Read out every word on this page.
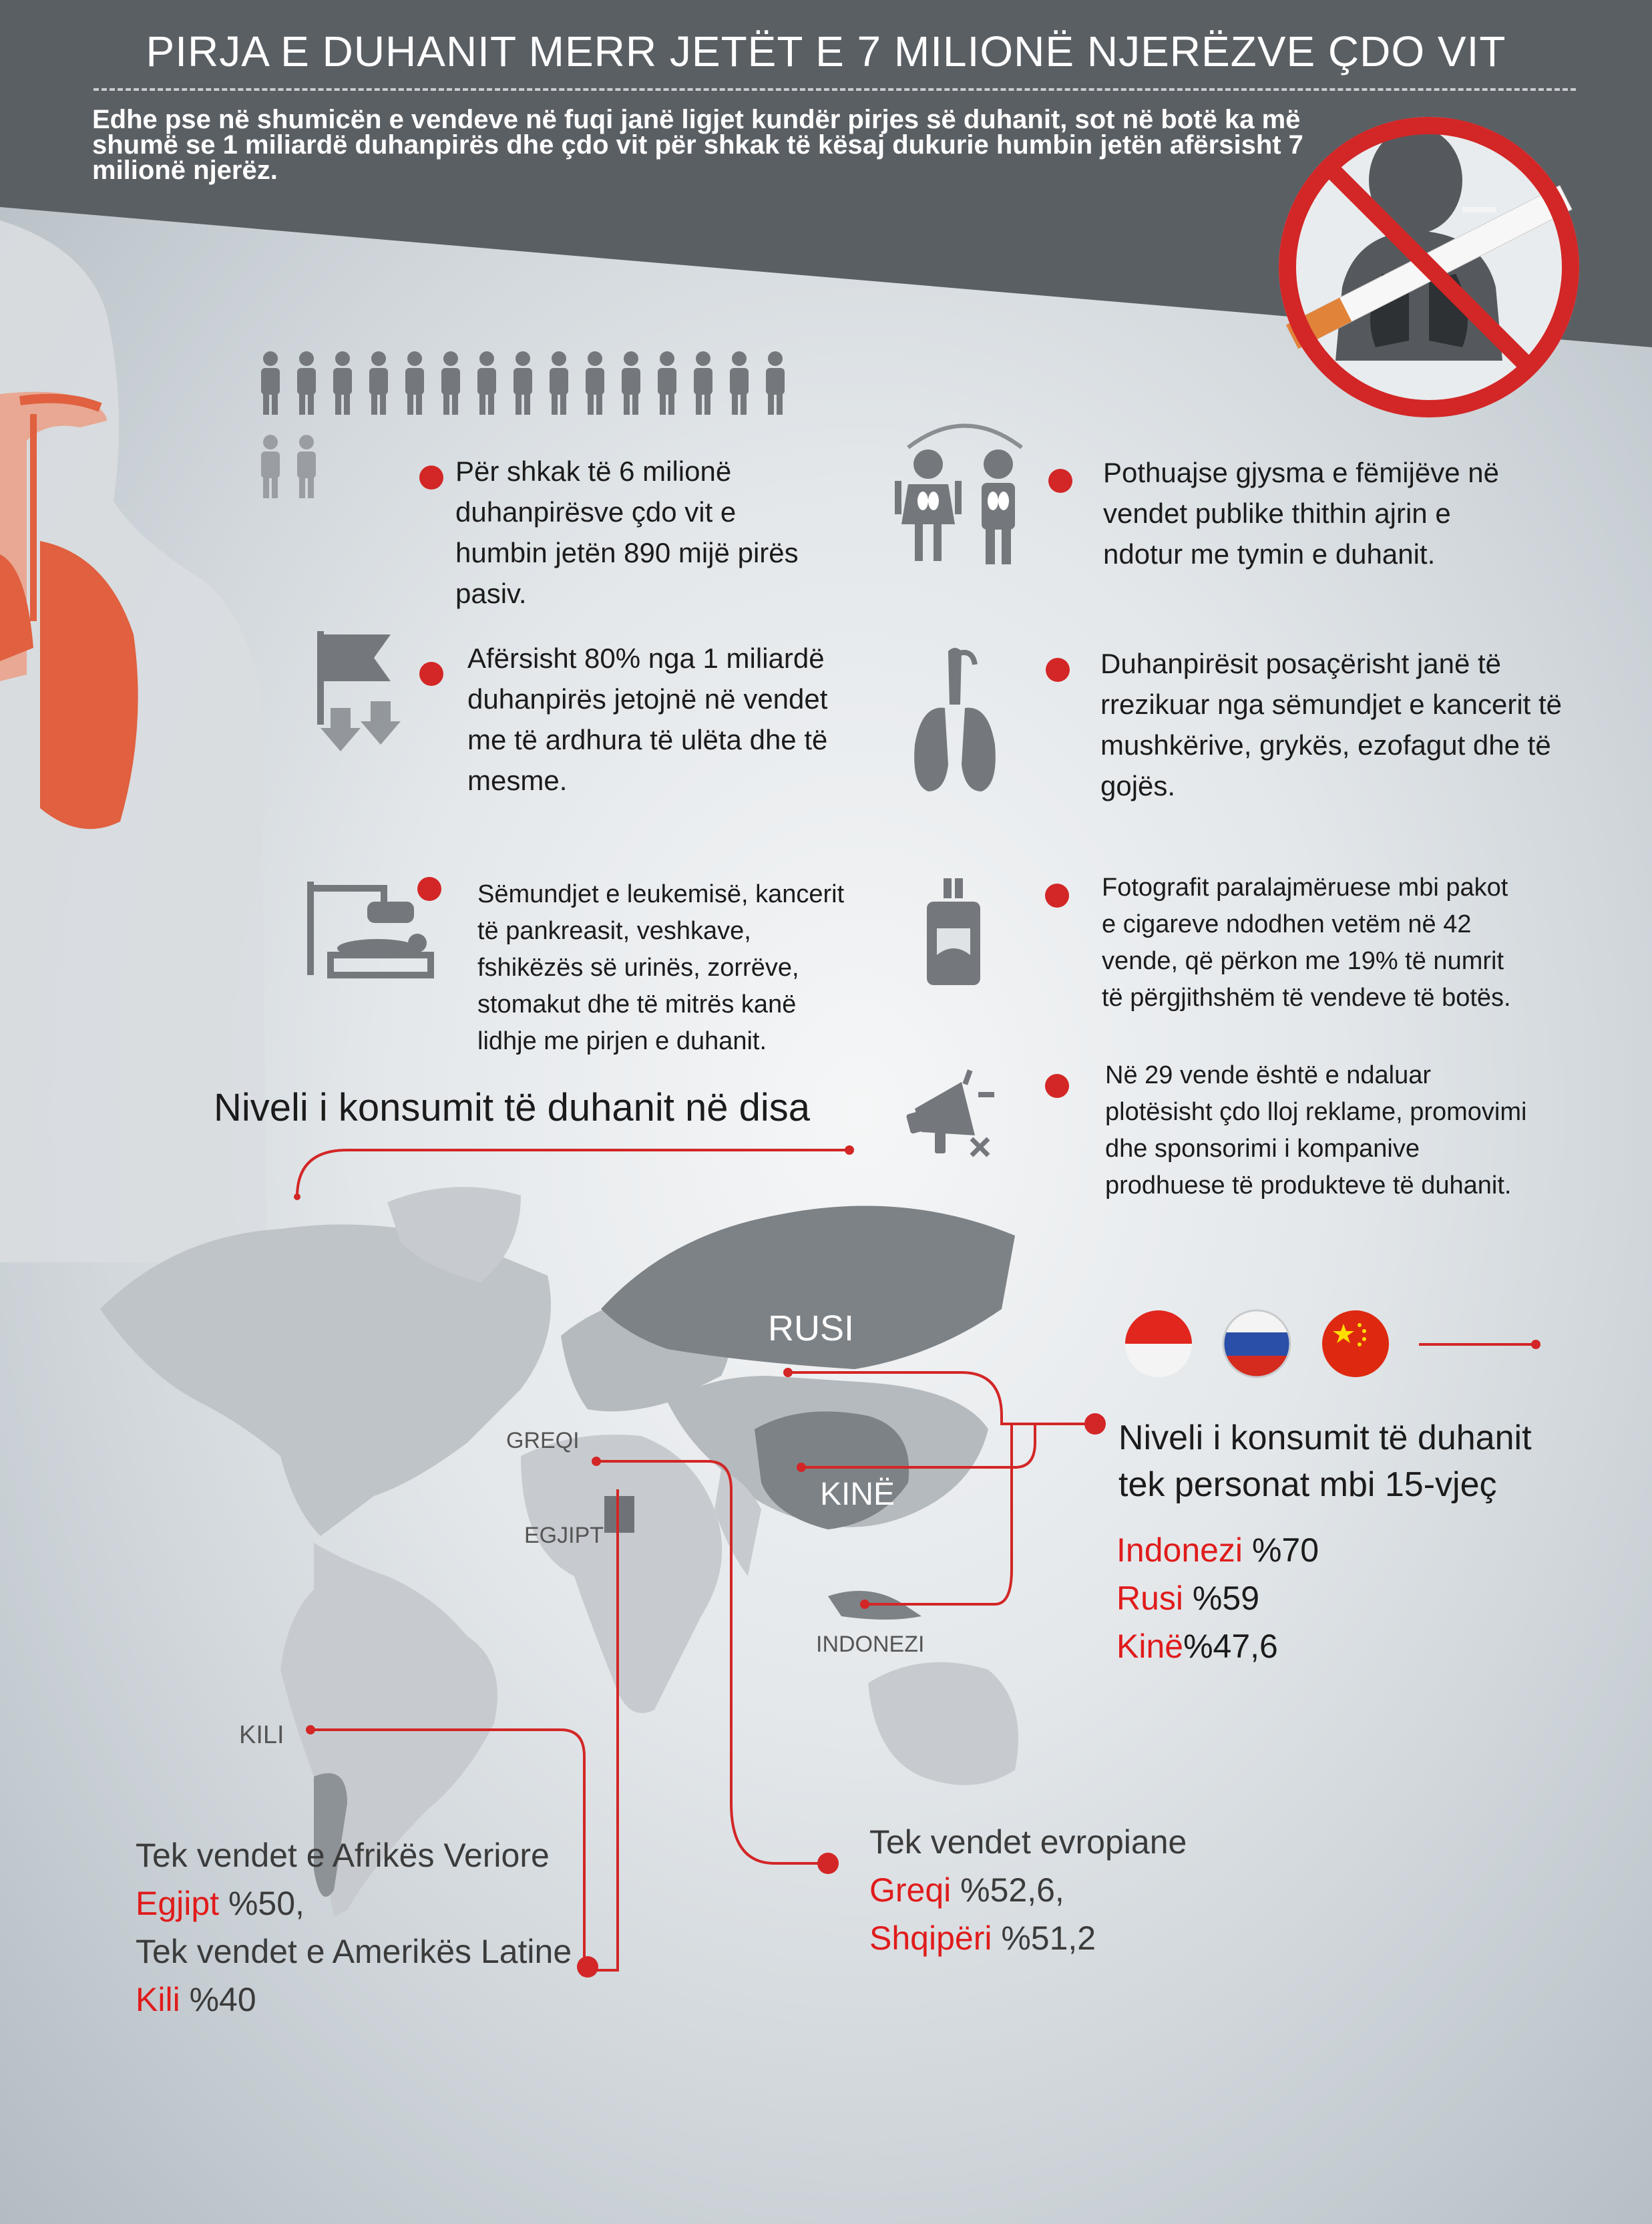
PIRJA E DUHANIT MERR JETËT E 7 MILIONË NJERËZVE ÇDO VIT
Edhe pse në shumicën e vendeve në fuqi janë ligjet kundër pirjes së duhanit, sot në botë ka më
shumë se 1 miliardë duhanpirës dhe çdo vit për shkak të kësaj dukurie humbin jetën afërsisht 7
milionë njerëz.
Për shkak të 6 milionë
duhanpirësve çdo vit e
humbin jetën 890 mijë pirës
pasiv.
Afërsisht 80% nga 1 miliardë
duhanpirës jetojnë në vendet
me të ardhura të ulëta dhe të
mesme.
Sëmundjet e leukemisë, kancerit
të pankreasit, veshkave,
fshikëzës së urinës, zorrëve,
stomakut dhe të mitrës kanë
lidhje me pirjen e duhanit.
Pothuajse gjysma e fëmijëve në
vendet publike thithin ajrin e
ndotur me tymin e duhanit.
Duhanpirësit posaçërisht janë të
rrezikuar nga sëmundjet e kancerit të
mushkërive, grykës, ezofagut dhe të
gojës.
Fotografit paralajmëruese mbi pakot
e cigareve ndodhen vetëm në 42
vende, që përkon me 19% të numrit
të përgjithshëm të vendeve të botës.
Në 29 vende është e ndaluar
plotësisht çdo lloj reklame, promovimi
dhe sponsorimi i kompanive
prodhuese të produkteve të duhanit.
Niveli i konsumit të duhanit në disa
RUSI
KINË
GREQI
EGJIPT
INDONEZI
KILI
Niveli i konsumit të duhanit
tek personat mbi 15-vjeç
Indonezi %70
Rusi %59
Kinë%47,6
Tek vendet evropiane
Greqi %52,6,
Shqipëri %51,2
Tek vendet e Afrikës Veriore
Egjipt %50,
Tek vendet e Amerikës Latine
Kili %40
